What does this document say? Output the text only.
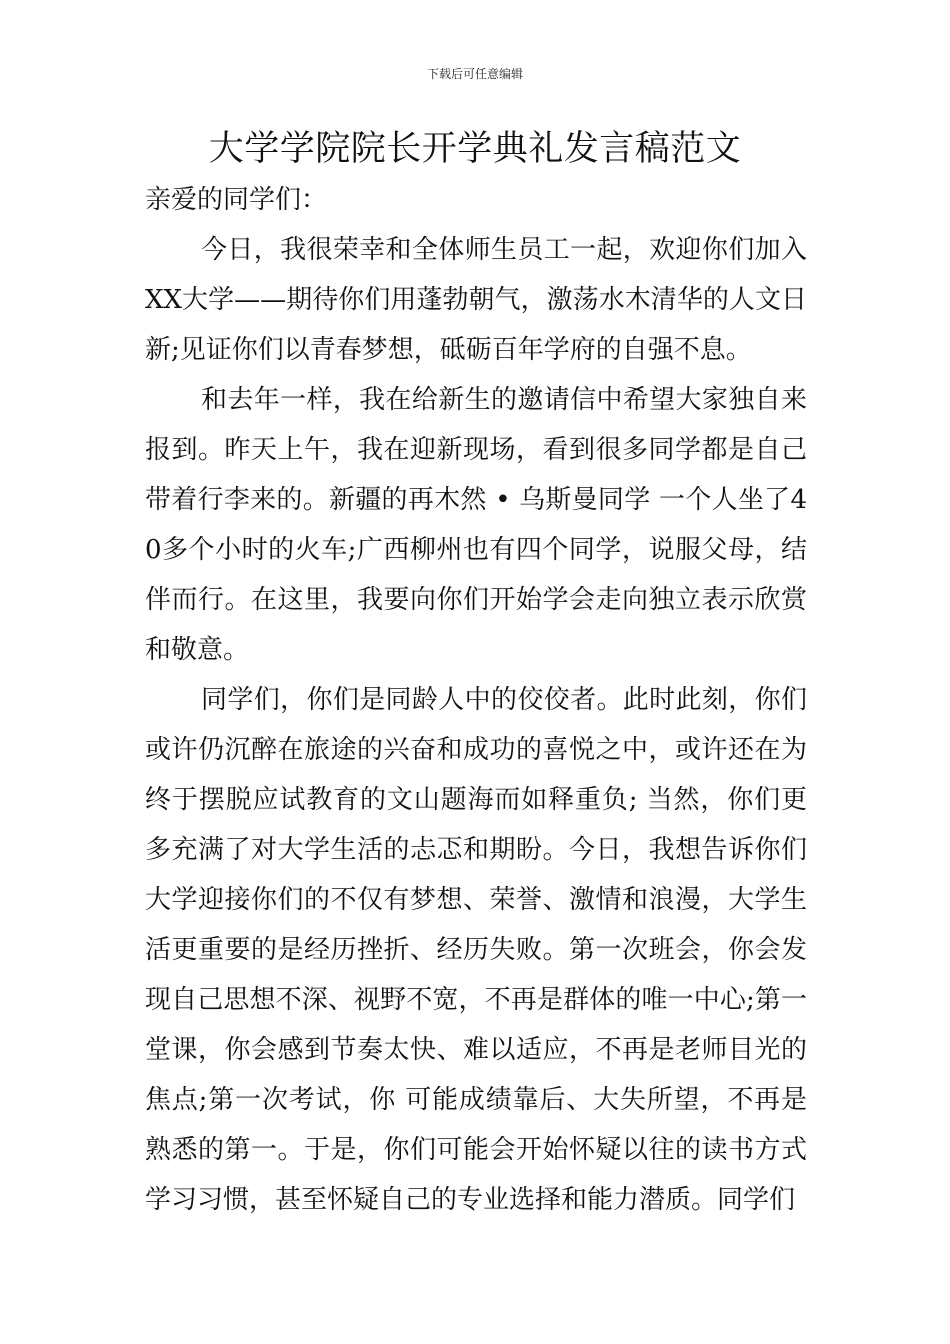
下载后可任意编辑
大学学院院长开学典礼发言稿范文

亲爱的同学们：

今日，我很荣幸和全体师生员工一起，欢迎你们加入XX大学——期待你们用蓬勃朝气，激荡水木清华的人文日新;见证你们以青春梦想，砥砺百年学府的自强不息。

和去年一样，我在给新生的邀请信中希望大家独自来报到。昨天上午，我在迎新现场，看到很多同学都是自己带着行李来的。新疆的再木然 • 乌斯曼同学 一个人坐了40多个小时的火车;广西柳州也有四个同学，说服父母，结伴而行。在这里，我要向你们开始学会走向独立表示欣赏和敬意。

同学们，你们是同龄人中的佼佼者。此时此刻，你们或许仍沉醉在旅途的兴奋和成功的喜悦之中，或许还在为终于摆脱应试教育的文山题海而如释重负; 当然，你们更多充满了对大学生活的忐忑和期盼。今日，我想告诉你们大学迎接你们的不仅有梦想、荣誉、激情和浪漫，大学生活更重要的是经历挫折、经历失败。第一次班会，你会发现自己思想不深、视野不宽，不再是群体的唯一中心;第一堂课，你会感到节奏太快、难以适应，不再是老师目光的焦点;第一次考试，你 可能成绩靠后、大失所望，不再是熟悉的第一。于是，你们可能会开始怀疑以往的读书方式学习习惯，甚至怀疑自己的专业选择和能力潜质。同学们
